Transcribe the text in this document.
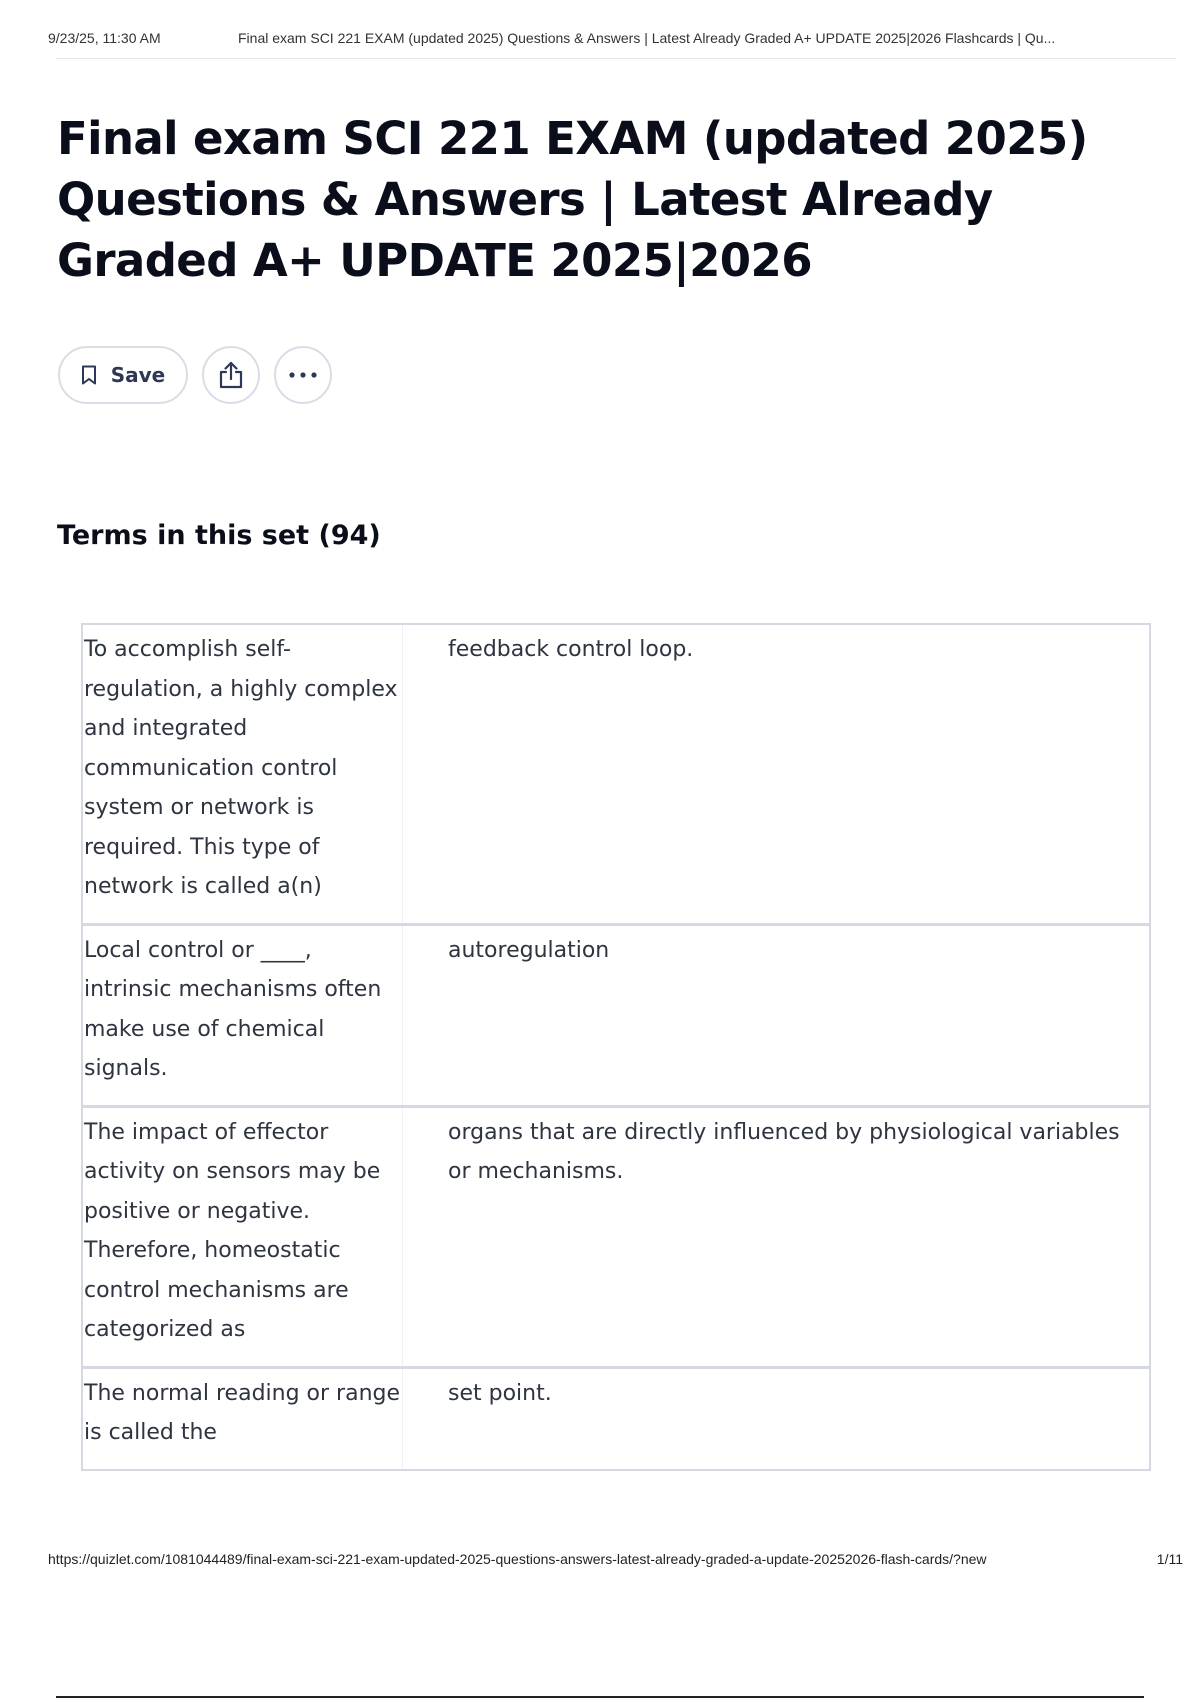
9/23/25, 11:30 AM	Final exam SCI 221 EXAM (updated 2025) Questions & Answers | Latest Already Graded A+ UPDATE 2025|2026 Flashcards | Qu...
Final exam SCI 221 EXAM (updated 2025) Questions & Answers | Latest Already Graded A+ UPDATE 2025|2026
Save
Terms in this set (94)
To accomplish self-regulation, a highly complex and integrated communication control system or network is required. This type of network is called a(n)
feedback control loop.
Local control or ____, intrinsic mechanisms often make use of chemical signals.
autoregulation
The impact of effector activity on sensors may be positive or negative. Therefore, homeostatic control mechanisms are categorized as
organs that are directly influenced by physiological variables or mechanisms.
The normal reading or range is called the
set point.
https://quizlet.com/1081044489/final-exam-sci-221-exam-updated-2025-questions-answers-latest-already-graded-a-update-20252026-flash-cards/?new	1/11
